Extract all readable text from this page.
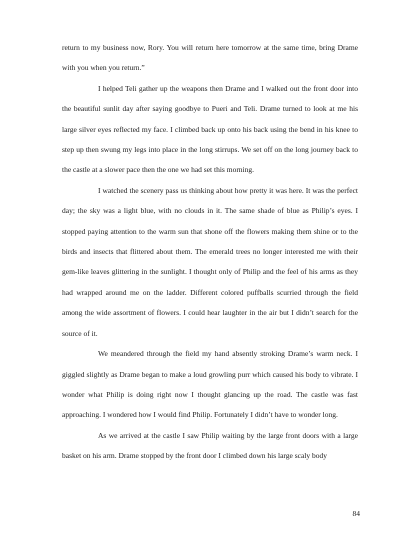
return to my business now, Rory. You will return here tomorrow at the same time, bring Drame with you when you return.”

I helped Teli gather up the weapons then Drame and I walked out the front door into the beautiful sunlit day after saying goodbye to Pueri and Teli. Drame turned to look at me his large silver eyes reflected my face. I climbed back up onto his back using the bend in his knee to step up then swung my legs into place in the long stirrups. We set off on the long journey back to the castle at a slower pace then the one we had set this morning.

I watched the scenery pass us thinking about how pretty it was here. It was the perfect day; the sky was a light blue, with no clouds in it. The same shade of blue as Philip’s eyes. I stopped paying attention to the warm sun that shone off the flowers making them shine or to the birds and insects that flittered about them. The emerald trees no longer interested me with their gem-like leaves glittering in the sunlight. I thought only of Philip and the feel of his arms as they had wrapped around me on the ladder. Different colored puffballs scurried through the field among the wide assortment of flowers. I could hear laughter in the air but I didn’t search for the source of it.

We meandered through the field my hand absently stroking Drame’s warm neck. I giggled slightly as Drame began to make a loud growling purr which caused his body to vibrate. I wonder what Philip is doing right now I thought glancing up the road. The castle was fast approaching. I wondered how I would find Philip. Fortunately I didn’t have to wonder long.

As we arrived at the castle I saw Philip waiting by the large front doors with a large basket on his arm. Drame stopped by the front door I climbed down his large scaly body

84
